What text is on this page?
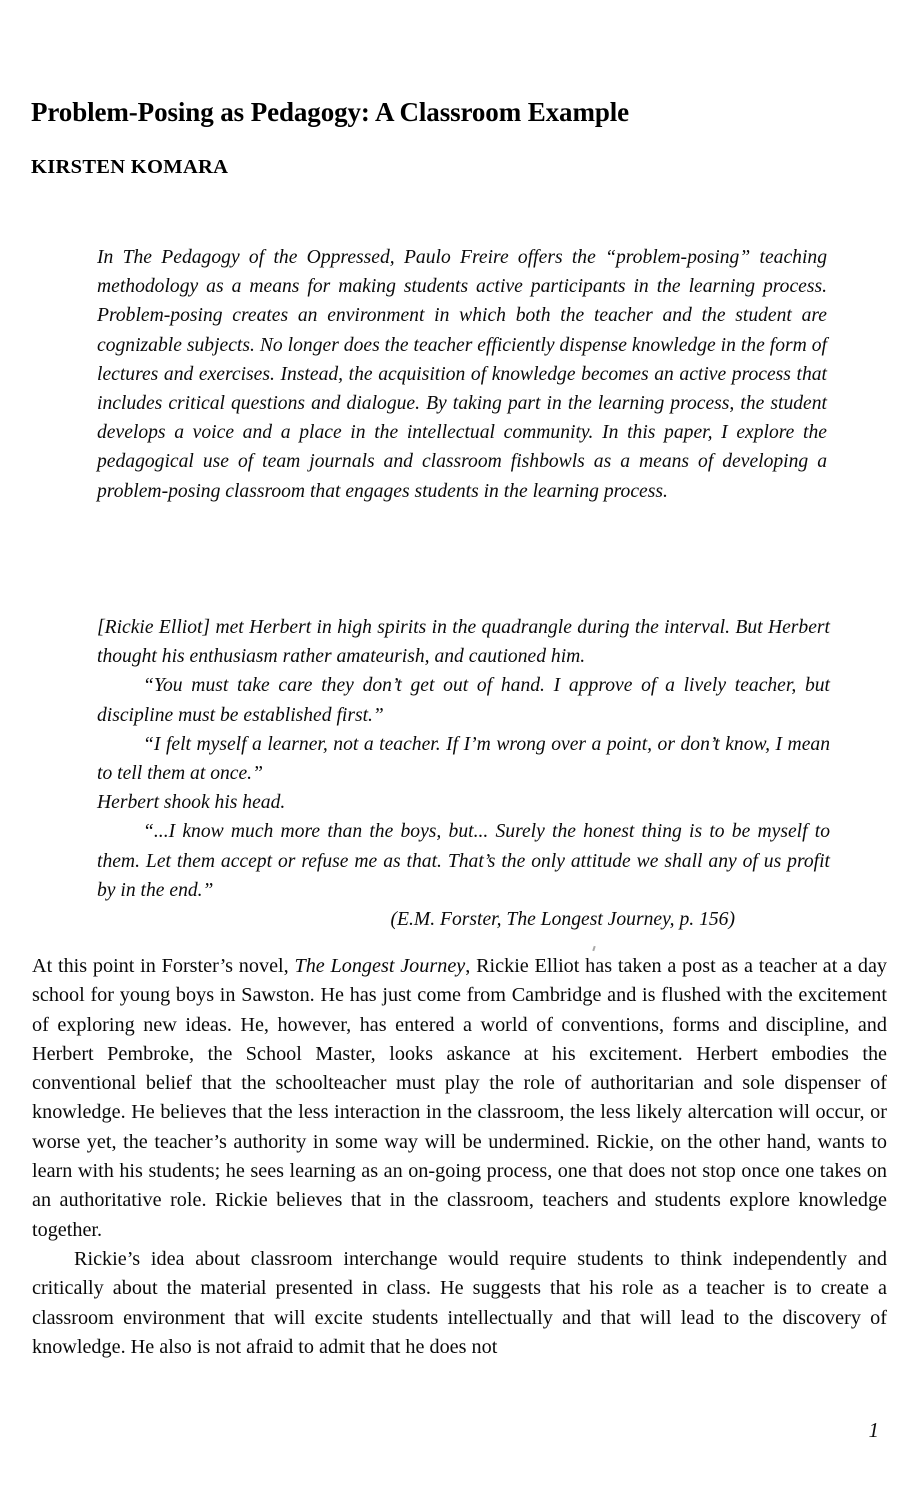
Problem-Posing as Pedagogy: A Classroom Example
KIRSTEN KOMARA
In The Pedagogy of the Oppressed, Paulo Freire offers the “problem-posing” teaching methodology as a means for making students active participants in the learning process. Problem-posing creates an environment in which both the teacher and the student are cognizable subjects. No longer does the teacher efficiently dispense knowledge in the form of lectures and exercises. Instead, the acquisition of knowledge becomes an active process that includes critical questions and dialogue. By taking part in the learning process, the student develops a voice and a place in the intellectual community. In this paper, I explore the pedagogical use of team journals and classroom fishbowls as a means of developing a problem-posing classroom that engages students in the learning process.

[Rickie Elliot] met Herbert in high spirits in the quadrangle during the interval. But Herbert thought his enthusiasm rather amateurish, and cautioned him.

“You must take care they don’t get out of hand. I approve of a lively teacher, but discipline must be established first.”

“I felt myself a learner, not a teacher. If I’m wrong over a point, or don’t know, I mean to tell them at once.”

Herbert shook his head.

“...I know much more than the boys, but... Surely the honest thing is to be myself to them. Let them accept or refuse me as that. That’s the only attitude we shall any of us profit by in the end.”

(E.M. Forster, The Longest Journey, p. 156)

At this point in Forster’s novel, The Longest Journey, Rickie Elliot has taken a post as a teacher at a day school for young boys in Sawston. He has just come from Cambridge and is flushed with the excitement of exploring new ideas. He, however, has entered a world of conventions, forms and discipline, and Herbert Pembroke, the School Master, looks askance at his excitement. Herbert embodies the conventional belief that the schoolteacher must play the role of authoritarian and sole dispenser of knowledge. He believes that the less interaction in the classroom, the less likely altercation will occur, or worse yet, the teacher’s authority in some way will be undermined. Rickie, on the other hand, wants to learn with his students; he sees learning as an on-going process, one that does not stop once one takes on an authoritative role. Rickie believes that in the classroom, teachers and students explore knowledge together.

Rickie’s idea about classroom interchange would require students to think independently and critically about the material presented in class. He suggests that his role as a teacher is to create a classroom environment that will excite students intellectually and that will lead to the discovery of knowledge. He also is not afraid to admit that he does not

1
